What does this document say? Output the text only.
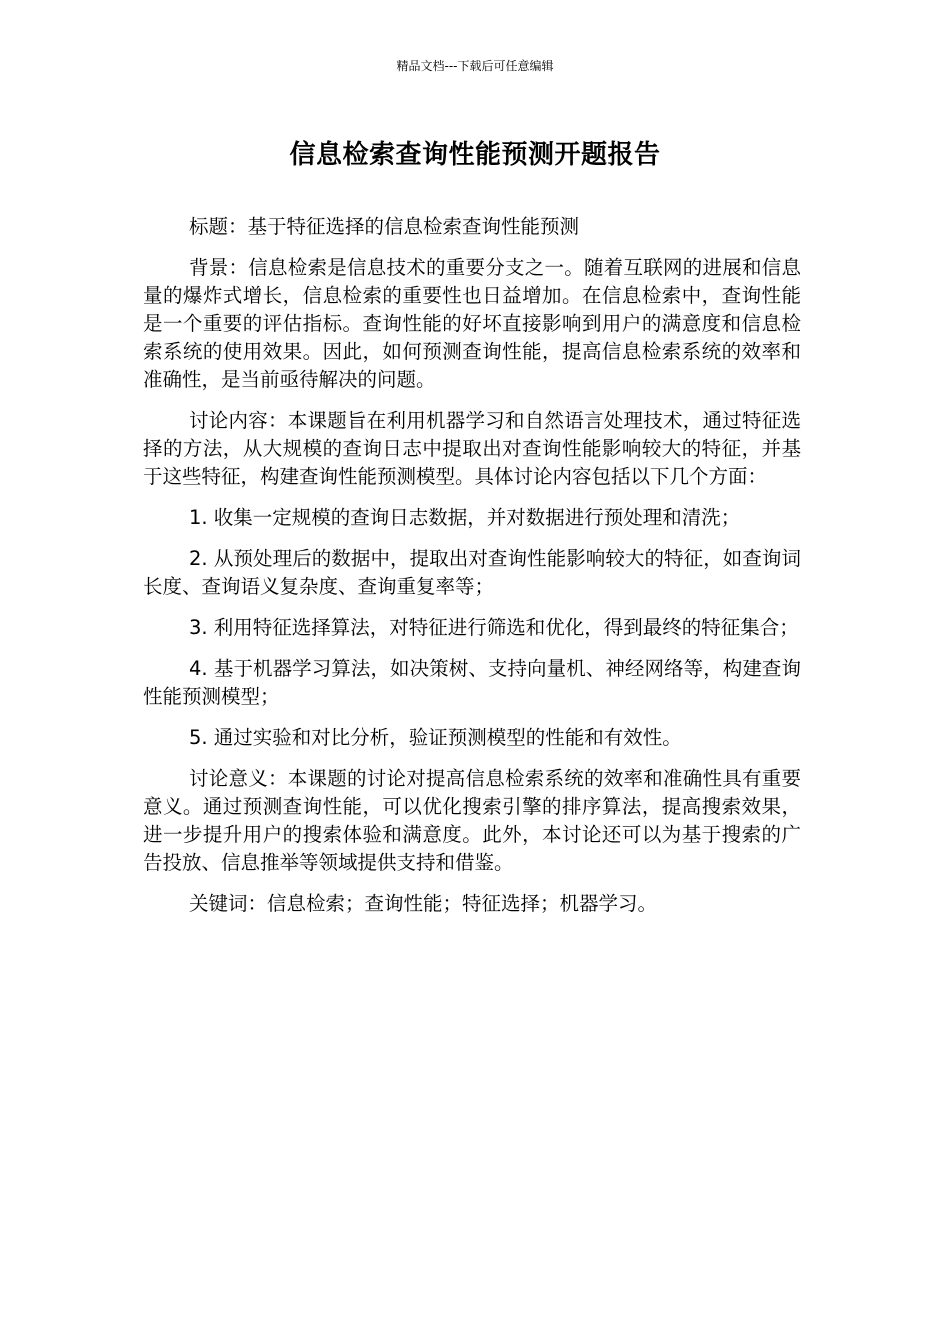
精品文档---下载后可任意编辑
信息检索查询性能预测开题报告

标题：基于特征选择的信息检索查询性能预测

背景：信息检索是信息技术的重要分支之一。随着互联网的进展和信息量的爆炸式增长，信息检索的重要性也日益增加。在信息检索中，查询性能是一个重要的评估指标。查询性能的好坏直接影响到用户的满意度和信息检索系统的使用效果。因此，如何预测查询性能，提高信息检索系统的效率和准确性，是当前亟待解决的问题。

讨论内容：本课题旨在利用机器学习和自然语言处理技术，通过特征选择的方法，从大规模的查询日志中提取出对查询性能影响较大的特征，并基于这些特征，构建查询性能预测模型。具体讨论内容包括以下几个方面：

1. 收集一定规模的查询日志数据，并对数据进行预处理和清洗；

2. 从预处理后的数据中，提取出对查询性能影响较大的特征，如查询词长度、查询语义复杂度、查询重复率等；

3. 利用特征选择算法，对特征进行筛选和优化，得到最终的特征集合；

4. 基于机器学习算法，如决策树、支持向量机、神经网络等，构建查询性能预测模型；

5. 通过实验和对比分析，验证预测模型的性能和有效性。

讨论意义：本课题的讨论对提高信息检索系统的效率和准确性具有重要意义。通过预测查询性能，可以优化搜索引擎的排序算法，提高搜索效果，进一步提升用户的搜索体验和满意度。此外，本讨论还可以为基于搜索的广告投放、信息推举等领域提供支持和借鉴。

关键词：信息检索；查询性能；特征选择；机器学习。
